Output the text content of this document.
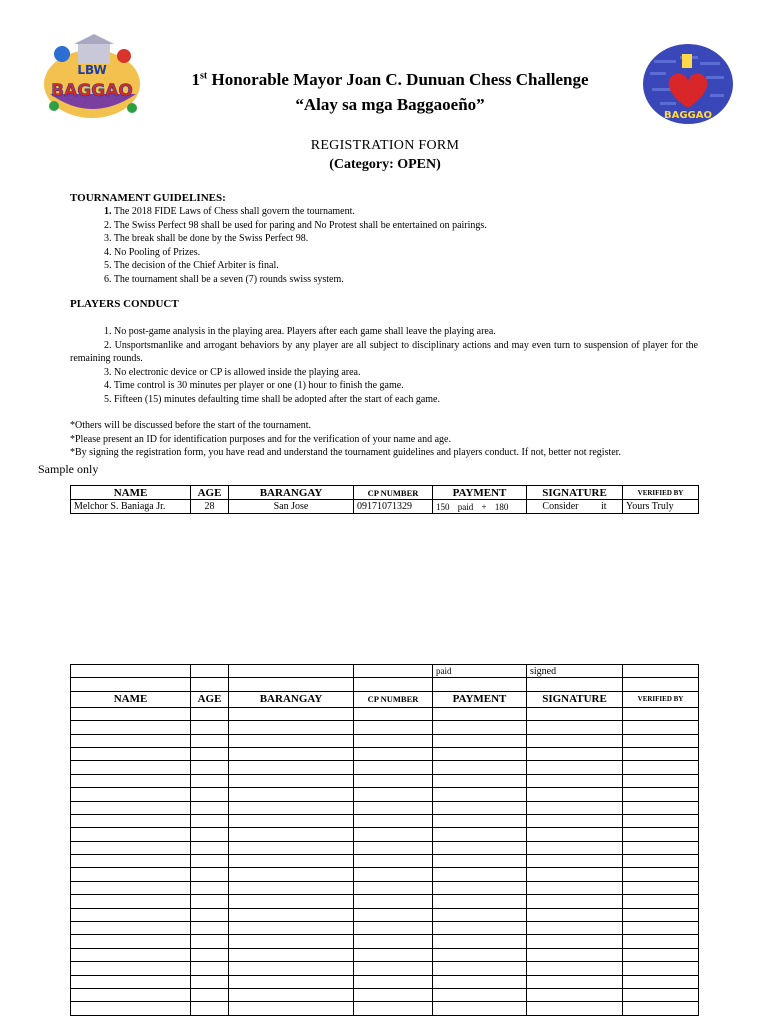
LBW
BAGGAO
1st Honorable Mayor Joan C. Dunuan Chess Challenge
“Alay sa mga Baggaoeño”
BAGGAO
REGISTRATION FORM
(Category: OPEN)
TOURNAMENT GUIDELINES:
1. The 2018 FIDE Laws of Chess shall govern the tournament.
2. The Swiss Perfect 98 shall be used for paring and No Protest shall be entertained on pairings.
3. The break shall be done by the Swiss Perfect 98.
4. No Pooling of Prizes.
5. The decision of the Chief Arbiter is final.
6. The tournament shall be a seven (7) rounds swiss system.
PLAYERS CONDUCT

1. No post-game analysis in the playing area. Players after each game shall leave the playing area.

2. Unsportsmanlike and arrogant behaviors by any player are all subject to disciplinary actions and may even turn to suspension of player for the remaining rounds.

3. No electronic device or CP is allowed inside the playing area.

4. Time control is 30 minutes per player or one (1) hour to finish the game.

5. Fifteen (15) minutes defaulting time shall be adopted after the start of each game.

*Others will be discussed before the start of the tournament.

*Please present an ID for identification purposes and for the verification of your name and age.

*By signing the registration form, you have read and understand the tournament guidelines and players conduct. If not, better not register.

Sample only
NAME	AGE	BARANGAY	CP NUMBER	PAYMENT	SIGNATURE	VERIFIED BY
Melchor S. Baniaga Jr.	28	San Jose	09171071329	150 paid + 180	Consider it	Yours Truly
				paid	signed	

NAME	AGE	BARANGAY	CP NUMBER	PAYMENT	SIGNATURE	VERIFIED BY
